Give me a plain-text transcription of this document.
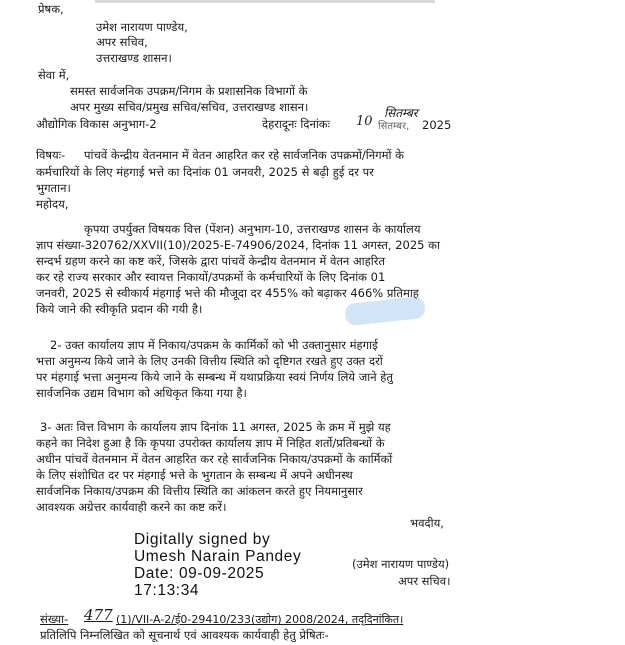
प्रेषक,
उमेश नारायण पाण्डेय,
अपर सचिव,
उत्तराखण्ड शासन।
सेवा में,
समस्त सार्वजनिक उपक्रम/निगम के प्रशासनिक विभागों के
अपर मुख्य सचिव/प्रमुख सचिव/सचिव, उत्तराखण्ड शासन।
औद्योगिक विकास अनुभाग-2	देहरादूनः दिनांकः 10
सितम्बर
सितम्बर, 2025
विषयः- पांचवें केन्द्रीय वेतनमान में वेतन आहरित कर रहे सार्वजनिक उपक्रमों/निगमों के
कर्मचारियों के लिए मंहगाई भत्ते का दिनांक 01 जनवरी, 2025 से बढ़ी हुई दर पर
भुगतान।
महोदय,
कृपया उपर्युक्त विषयक वित्त (पेंशन) अनुभाग-10, उत्तराखण्ड शासन के कार्यालय
ज्ञाप संख्या-320762/XXVII(10)/2025-E-74906/2024, दिनांक 11 अगस्त, 2025 का
सन्दर्भ ग्रहण करने का कष्ट करें, जिसके द्वारा पांचवें केन्द्रीय वेतनमान में वेतन आहरित
कर रहे राज्य सरकार और स्वायत्त निकायों/उपक्रमों के कर्मचारियों के लिए दिनांक 01
जनवरी, 2025 से स्वीकार्य मंहगाई भत्ते की मौजूदा दर 455% को बढ़ाकर 466% प्रतिमाह
किये जाने की स्वीकृति प्रदान की गयी है।
2- उक्त कार्यालय ज्ञाप में निकाय/उपक्रम के कार्मिकों को भी उक्तानुसार मंहगाई
भत्ता अनुमन्य किये जाने के लिए उनकी वित्तीय स्थिति को दृष्टिगत रखते हुए उक्त दरों
पर मंहगाई भत्ता अनुमन्य किये जाने के सम्बन्ध में यथाप्रक्रिया स्वयं निर्णय लिये जाने हेतु
सार्वजनिक उद्यम विभाग को अधिकृत किया गया है।
3- अतः वित्त विभाग के कार्यालय ज्ञाप दिनांक 11 अगस्त, 2025 के क्रम में मुझे यह
कहने का निदेश हुआ है कि कृपया उपरोक्त कार्यालय ज्ञाप में निहित शर्तो/प्रतिबन्धों के
अधीन पांचवें वेतनमान में वेतन आहरित कर रहे सार्वजनिक निकाय/उपक्रमों के कार्मिकों
के लिए संशोधित दर पर मंहगाई भत्ते के भुगतान के सम्बन्ध में अपने अधीनस्थ
सार्वजनिक निकाय/उपक्रम की वित्तीय स्थिति का आंकलन करते हुए नियमानुसार
आवश्यक अग्रेत्तर कार्यवाही करने का कष्ट करें।
भवदीय,
(उमेश नारायण पाण्डेय)
अपर सचिव।
Digitally signed by
Umesh Narain Pandey
Date: 09-09-2025
17:13:34
संख्या- 477 (1)/VII-A-2/ई0-29410/233(उद्योग) 2008/2024, तद्‌दिनांकित।
प्रतिलिपि निम्नलिखित को सूचनार्थ एवं आवश्यक कार्यवाही हेतु प्रेषितः-
